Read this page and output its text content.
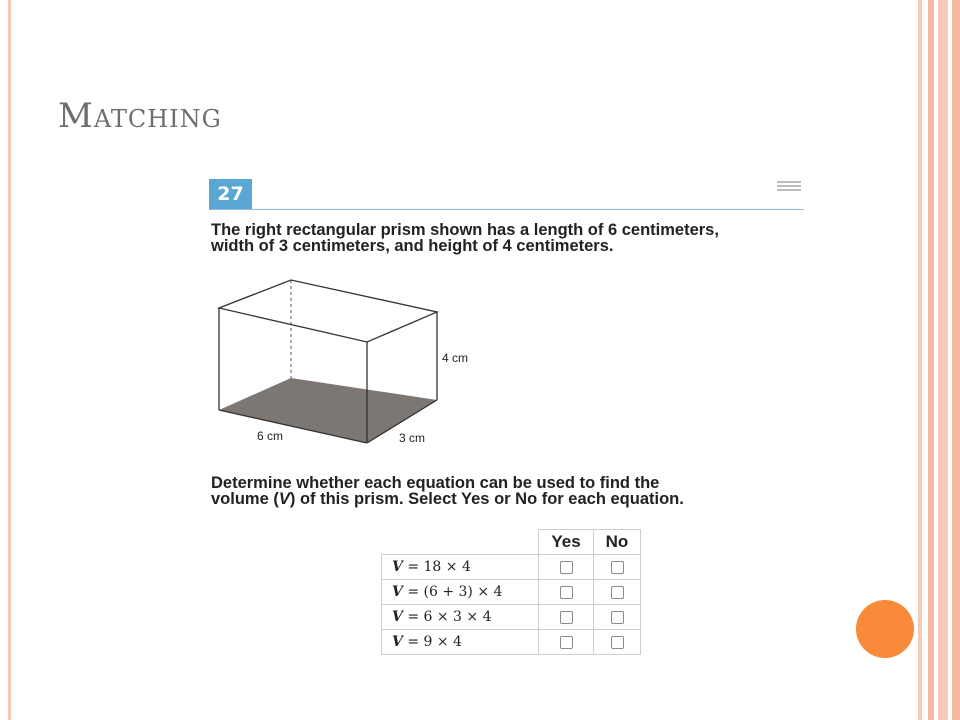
Matching
27
The right rectangular prism shown has a length of 6 centimeters,
width of 3 centimeters, and height of 4 centimeters.
4 cm
6 cm	3 cm
Determine whether each equation can be used to find the
volume (V) of this prism. Select Yes or No for each equation.
	Yes	No
V = 18 × 4		
V = (6 + 3) × 4		
V = 6 × 3 × 4		
V = 9 × 4		
